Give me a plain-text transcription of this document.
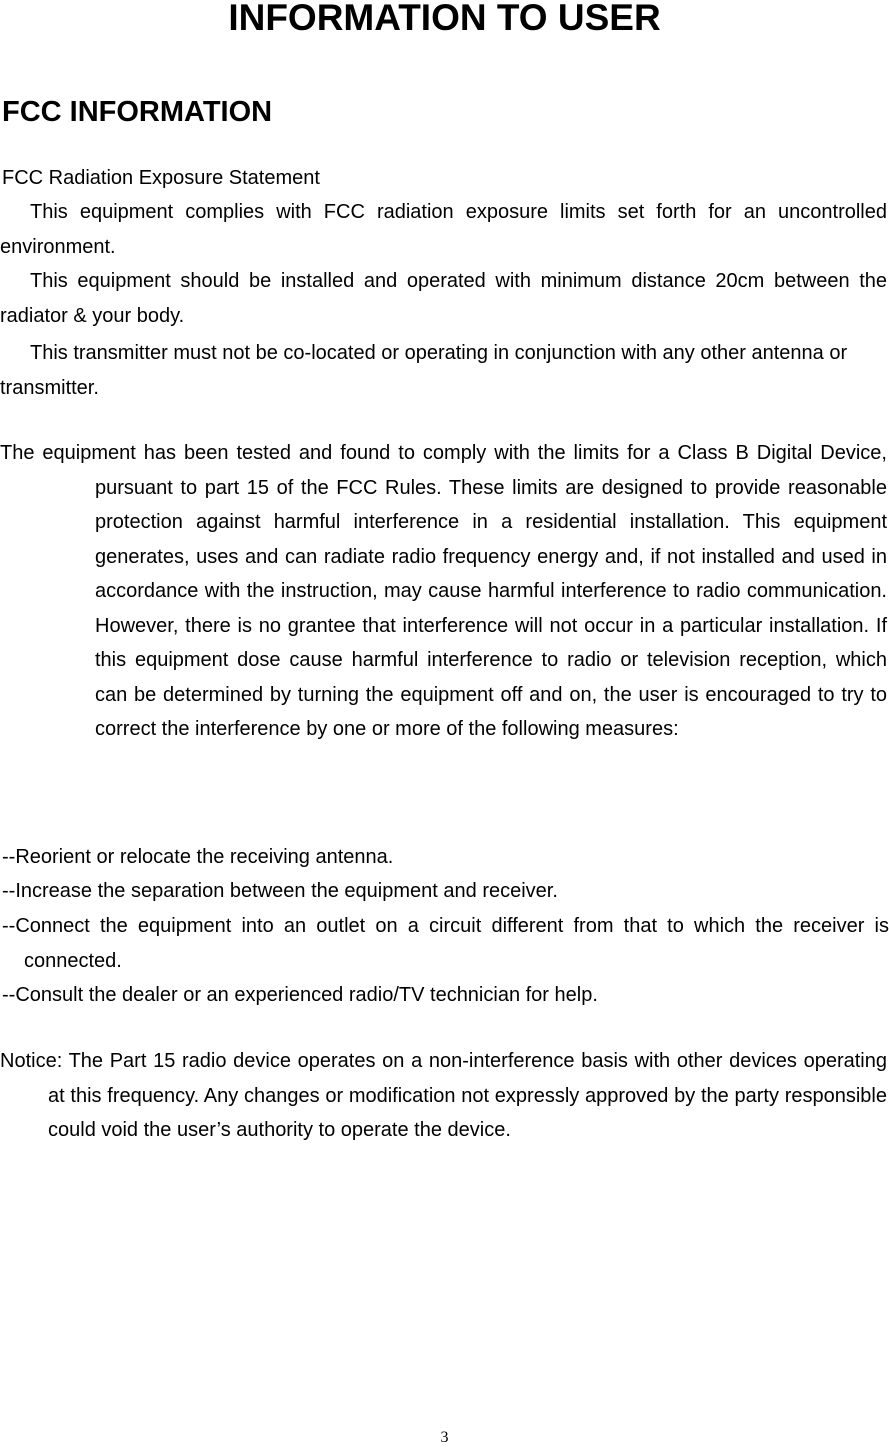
INFORMATION TO USER
FCC INFORMATION

FCC Radiation Exposure Statement

This equipment complies with FCC radiation exposure limits set forth for an uncontrolled environment.

This equipment should be installed and operated with minimum distance 20cm between the radiator & your body.

This transmitter must not be co-located or operating in conjunction with any other antenna or transmitter.

The equipment has been tested and found to comply with the limits for a Class B Digital Device, pursuant to part 15 of the FCC Rules. These limits are designed to provide reasonable protection against harmful interference in a residential installation. This equipment generates, uses and can radiate radio frequency energy and, if not installed and used in accordance with the instruction, may cause harmful interference to radio communication. However, there is no grantee that interference will not occur in a particular installation. If this equipment dose cause harmful interference to radio or television reception, which can be determined by turning the equipment off and on, the user is encouraged to try to correct the interference by one or more of the following measures:

--Reorient or relocate the receiving antenna.

--Increase the separation between the equipment and receiver.

--Connect the equipment into an outlet on a circuit different from that to which the receiver is connected.

--Consult the dealer or an experienced radio/TV technician for help.

Notice: The Part 15 radio device operates on a non-interference basis with other devices operating at this frequency. Any changes or modification not expressly approved by the party responsible could void the user’s authority to operate the device.

3
